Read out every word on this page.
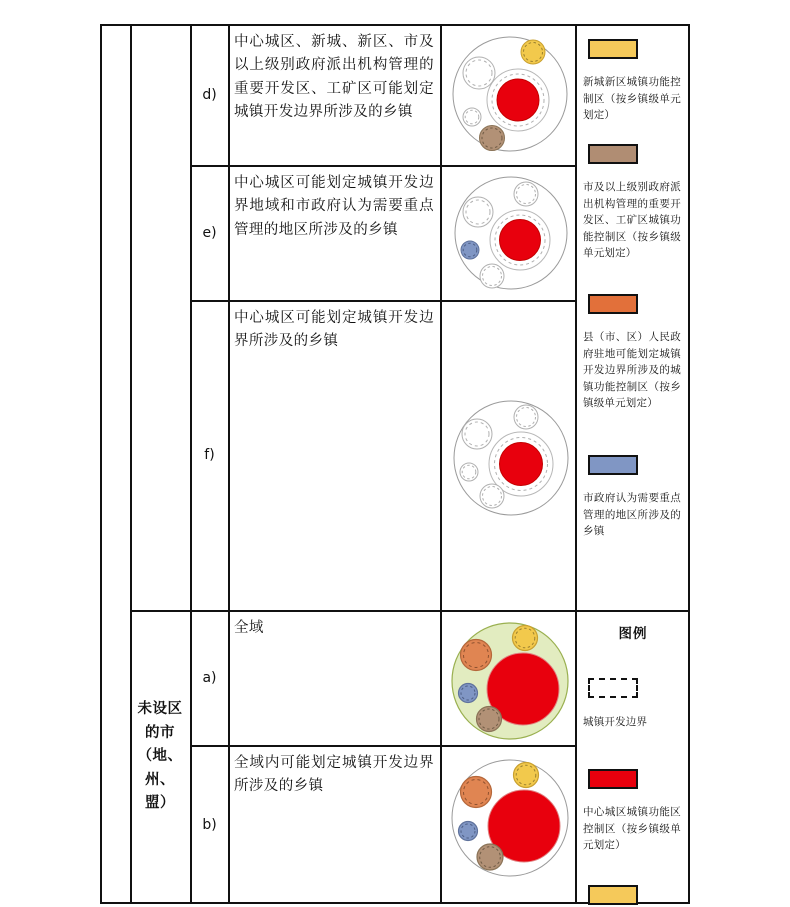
d)
中心城区、新城、新区、市及以上级别政府派出机构管理的重要开发区、工矿区可能划定城镇开发边界所涉及的乡镇
e)
中心城区可能划定城镇开发边界地域和市政府认为需要重点管理的地区所涉及的乡镇
f)
中心城区可能划定城镇开发边界所涉及的乡镇
未设区的市（地、州、盟）
a)
全域
b)
全域内可能划定城镇开发边界所涉及的乡镇
新城新区城镇功能控制区（按乡镇级单元划定）
市及以上级别政府派出机构管理的重要开发区、工矿区城镇功能控制区（按乡镇级单元划定）
县（市、区）人民政府驻地可能划定城镇开发边界所涉及的城镇功能控制区（按乡镇级单元划定）
市政府认为需要重点管理的地区所涉及的乡镇
图例
城镇开发边界
中心城区城镇功能区控制区（按乡镇级单元划定）
